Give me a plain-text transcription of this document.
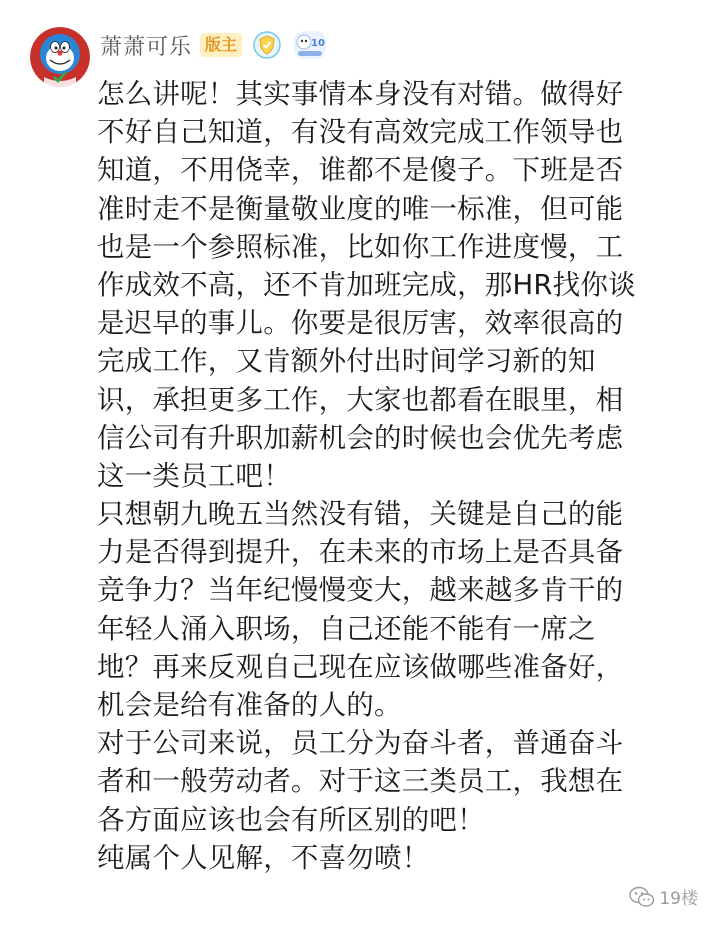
萧萧可乐 版主	10
怎么讲呢！其实事情本身没有对错。做得好
不好自己知道，有没有高效完成工作领导也
知道，不用侥幸，谁都不是傻子。下班是否
准时走不是衡量敬业度的唯一标准，但可能
也是一个参照标准，比如你工作进度慢，工
作成效不高，还不肯加班完成，那HR找你谈
是迟早的事儿。你要是很厉害，效率很高的
完成工作，又肯额外付出时间学习新的知
识，承担更多工作，大家也都看在眼里，相
信公司有升职加薪机会的时候也会优先考虑
这一类员工吧！
只想朝九晚五当然没有错，关键是自己的能
力是否得到提升，在未来的市场上是否具备
竞争力？当年纪慢慢变大，越来越多肯干的
年轻人涌入职场，自己还能不能有一席之
地？再来反观自己现在应该做哪些准备好，
机会是给有准备的人的。
对于公司来说，员工分为奋斗者，普通奋斗
者和一般劳动者。对于这三类员工，我想在
各方面应该也会有所区别的吧！
纯属个人见解，不喜勿喷！
19楼
